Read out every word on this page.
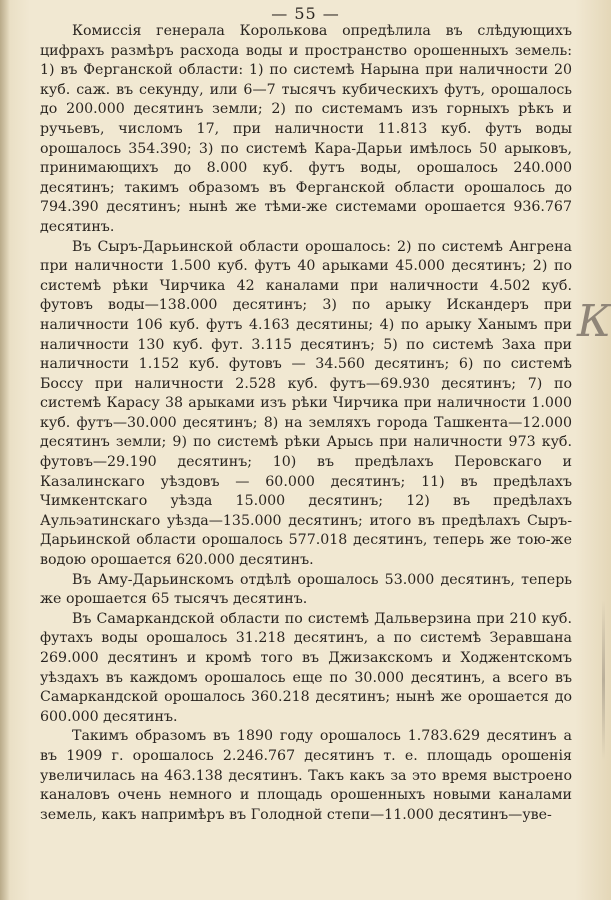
— 55 —

Комиссія генерала Королькова опредѣлила въ слѣдующихъ цифрахъ размѣръ расхода воды и пространство орошенныхъ земель: 1) въ Ферганской области: 1) по системѣ Нарына при наличности 20 куб. саж. въ секунду, или 6—7 тысячъ кубическихъ футъ, орошалось до 200.000 десятинъ земли; 2) по системамъ изъ горныхъ рѣкъ и ручьевъ, числомъ 17, при наличности 11.813 куб. футъ воды орошалось 354.390; 3) по системѣ Кара-Дарьи имѣлось 50 арыковъ, принимающихъ до 8.000 куб. футъ воды, орошалось 240.000 десятинъ; такимъ образомъ въ Ферганской области орошалось до 794.390 десятинъ; нынѣ же тѣми-же системами орошается 936.767 десятинъ.

Въ Сыръ-Дарьинской области орошалось: 2) по системѣ Ангрена при наличности 1.500 куб. футъ 40 арыками 45.000 десятинъ; 2) по системѣ рѣки Чирчика 42 каналами при наличности 4.502 куб. футовъ воды—138.000 десятинъ; 3) по арыку Искандеръ при наличности 106 куб. футъ 4.163 десятины; 4) по арыку Ханымъ при наличности 130 куб. фут. 3.115 десятинъ; 5) по системѣ Заха при наличности 1.152 куб. футовъ — 34.560 десятинъ; 6) по системѣ Боссу при наличности 2.528 куб. футъ—69.930 десятинъ; 7) по системѣ Карасу 38 арыками изъ рѣки Чирчика при наличности 1.000 куб. футъ—30.000 десятинъ; 8) на земляхъ города Ташкента—12.000 десятинъ земли; 9) по системѣ рѣки Арысь при наличности 973 куб. футовъ—29.190 десятинъ; 10) въ предѣлахъ Перовскаго и Казалинскаго уѣздовъ — 60.000 десятинъ; 11) въ предѣлахъ Чимкентскаго уѣзда 15.000 десятинъ; 12) въ предѣлахъ Аульэатинскаго уѣзда—135.000 десятинъ; итого въ предѣлахъ Сыръ-Дарьинской области орошалось 577.018 десятинъ, теперь же тою-же водою орошается 620.000 десятинъ.

Въ Аму-Дарьинскомъ отдѣлѣ орошалось 53.000 десятинъ, теперь же орошается 65 тысячъ десятинъ.

Въ Самаркандской области по системѣ Дальверзина при 210 куб. футахъ воды орошалось 31.218 десятинъ, а по системѣ Зеравшана 269.000 десятинъ и кромѣ того въ Джизакскомъ и Ходжентскомъ уѣздахъ въ каждомъ орошалось еще по 30.000 десятинъ, а всего въ Самаркандской орошалось 360.218 десятинъ; нынѣ же орошается до 600.000 десятинъ.

Такимъ образомъ въ 1890 году орошалось 1.783.629 десятинъ а въ 1909 г. орошалось 2.246.767 десятинъ т. е. площадь орошенія увеличилась на 463.138 десятинъ. Такъ какъ за это время выстроено каналовъ очень немного и площадь орошенныхъ новыми каналами земель, какъ напримѣръ въ Голодной степи—11.000 десятинъ—уве-

К
